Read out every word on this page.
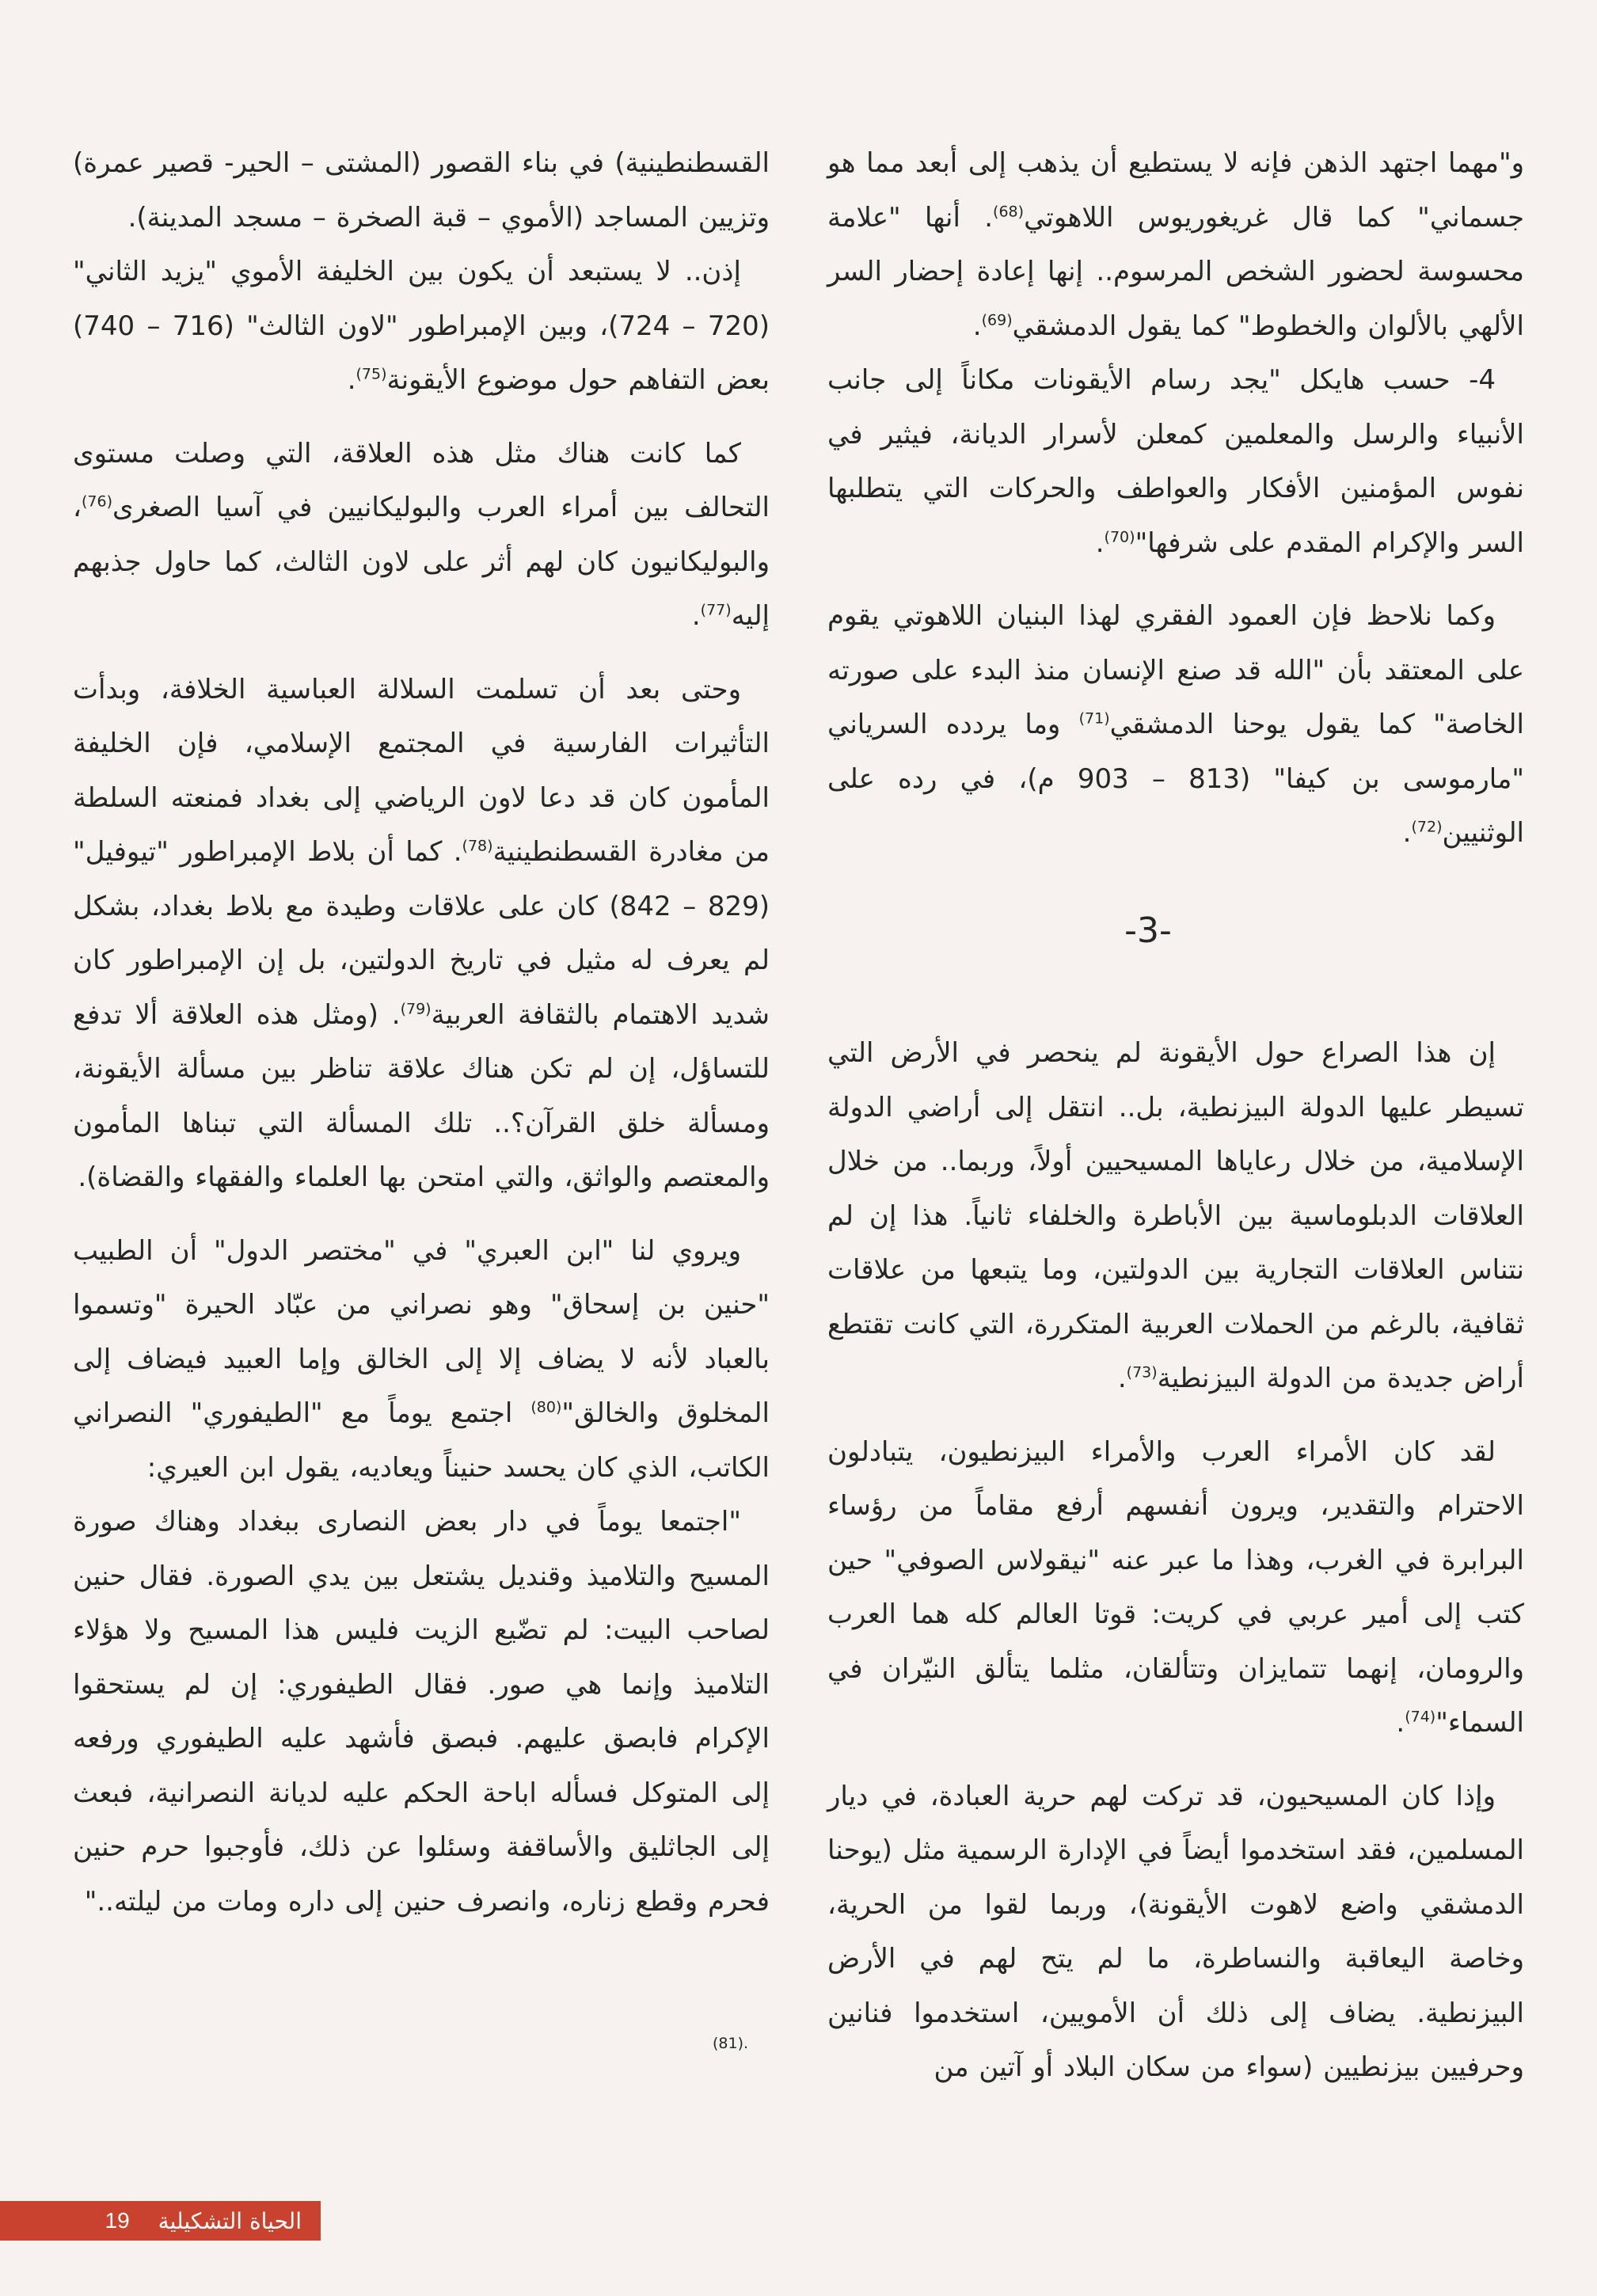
و"مهما اجتهد الذهن فإنه لا يستطيع أن يذهب إلى أبعد مما هو جسماني" كما قال غريغوريوس اللاهوتي$^{(68)}$. أنها "علامة محسوسة لحضور الشخص المرسوم.. إنها إعادة إحضار السر الألهي بالألوان والخطوط" كما يقول الدمشقي$^{(69)}$.

4- حسب هايكل "يجد رسام الأيقونات مكاناً إلى جانب الأنبياء والرسل والمعلمين كمعلن لأسرار الديانة، فيثير في نفوس المؤمنين الأفكار والعواطف والحركات التي يتطلبها السر والإكرام المقدم على شرفها"$^{(70)}$.

وكما نلاحظ فإن العمود الفقري لهذا البنيان اللاهوتي يقوم على المعتقد بأن "الله قد صنع الإنسان منذ البدء على صورته الخاصة" كما يقول يوحنا الدمشقي$^{(71)}$ وما يردده السرياني "مارموسى بن كيفا" (813 – 903 م)، في رده على الوثنيين$^{(72)}$.

-3-

إن هذا الصراع حول الأيقونة لم ينحصر في الأرض التي تسيطر عليها الدولة البيزنطية، بل.. انتقل إلى أراضي الدولة الإسلامية، من خلال رعاياها المسيحيين أولاً، وربما.. من خلال العلاقات الدبلوماسية بين الأباطرة والخلفاء ثانياً. هذا إن لم نتناس العلاقات التجارية بين الدولتين، وما يتبعها من علاقات ثقافية، بالرغم من الحملات العربية المتكررة، التي كانت تقتطع أراض جديدة من الدولة البيزنطية$^{(73)}$.

لقد كان الأمراء العرب والأمراء البيزنطيون، يتبادلون الاحترام والتقدير، ويرون أنفسهم أرفع مقاماً من رؤساء البرابرة في الغرب، وهذا ما عبر عنه "نيقولاس الصوفي" حين كتب إلى أمير عربي في كريت: قوتا العالم كله هما العرب والرومان، إنهما تتمايزان وتتألقان، مثلما يتألق النيّران في السماء"$^{(74)}$.

وإذا كان المسيحيون، قد تركت لهم حرية العبادة، في ديار المسلمين، فقد استخدموا أيضاً في الإدارة الرسمية مثل (يوحنا الدمشقي واضع لاهوت الأيقونة)، وربما لقوا من الحرية، وخاصة اليعاقبة والنساطرة، ما لم يتح لهم في الأرض البيزنطية. يضاف إلى ذلك أن الأمويين، استخدموا فنانين وحرفيين بيزنطيين (سواء من سكان البلاد أو آتين من

القسطنطينية) في بناء القصور (المشتى – الحير- قصير عمرة) وتزيين المساجد (الأموي – قبة الصخرة – مسجد المدينة).

إذن.. لا يستبعد أن يكون بين الخليفة الأموي "يزيد الثاني" (720 – 724)، وبين الإمبراطور "لاون الثالث" (716 – 740) بعض التفاهم حول موضوع الأيقونة$^{(75)}$.

كما كانت هناك مثل هذه العلاقة، التي وصلت مستوى التحالف بين أمراء العرب والبوليكانيين في آسيا الصغرى$^{(76)}$، والبوليكانيون كان لهم أثر على لاون الثالث، كما حاول جذبهم إليه$^{(77)}$.

وحتى بعد أن تسلمت السلالة العباسية الخلافة، وبدأت التأثيرات الفارسية في المجتمع الإسلامي، فإن الخليفة المأمون كان قد دعا لاون الرياضي إلى بغداد فمنعته السلطة من مغادرة القسطنطينية$^{(78)}$. كما أن بلاط الإمبراطور "تيوفيل" (829 – 842) كان على علاقات وطيدة مع بلاط بغداد، بشكل لم يعرف له مثيل في تاريخ الدولتين، بل إن الإمبراطور كان شديد الاهتمام بالثقافة العربية$^{(79)}$. (ومثل هذه العلاقة ألا تدفع للتساؤل، إن لم تكن هناك علاقة تناظر بين مسألة الأيقونة، ومسألة خلق القرآن؟.. تلك المسألة التي تبناها المأمون والمعتصم والواثق، والتي امتحن بها العلماء والفقهاء والقضاة).

ويروي لنا "ابن العبري" في "مختصر الدول" أن الطبيب "حنين بن إسحاق" وهو نصراني من عبّاد الحيرة "وتسموا بالعباد لأنه لا يضاف إلا إلى الخالق وإما العبيد فيضاف إلى المخلوق والخالق"$^{(80)}$ اجتمع يوماً مع "الطيفوري" النصراني الكاتب، الذي كان يحسد حنيناً ويعاديه، يقول ابن العيري:

"اجتمعا يوماً في دار بعض النصارى ببغداد وهناك صورة المسيح والتلاميذ وقنديل يشتعل بين يدي الصورة. فقال حنين لصاحب البيت: لم تضّيع الزيت فليس هذا المسيح ولا هؤلاء التلاميذ وإنما هي صور. فقال الطيفوري: إن لم يستحقوا الإكرام فابصق عليهم. فبصق فأشهد عليه الطيفوري ورفعه إلى المتوكل فسأله اباحة الحكم عليه لديانة النصرانية، فبعث إلى الجاثليق والأساقفة وسئلوا عن ذلك، فأوجبوا حرم حنين فحرم وقطع زناره، وانصرف حنين إلى داره ومات من ليلته.."

(81).
19 الحياة التشكيلية
